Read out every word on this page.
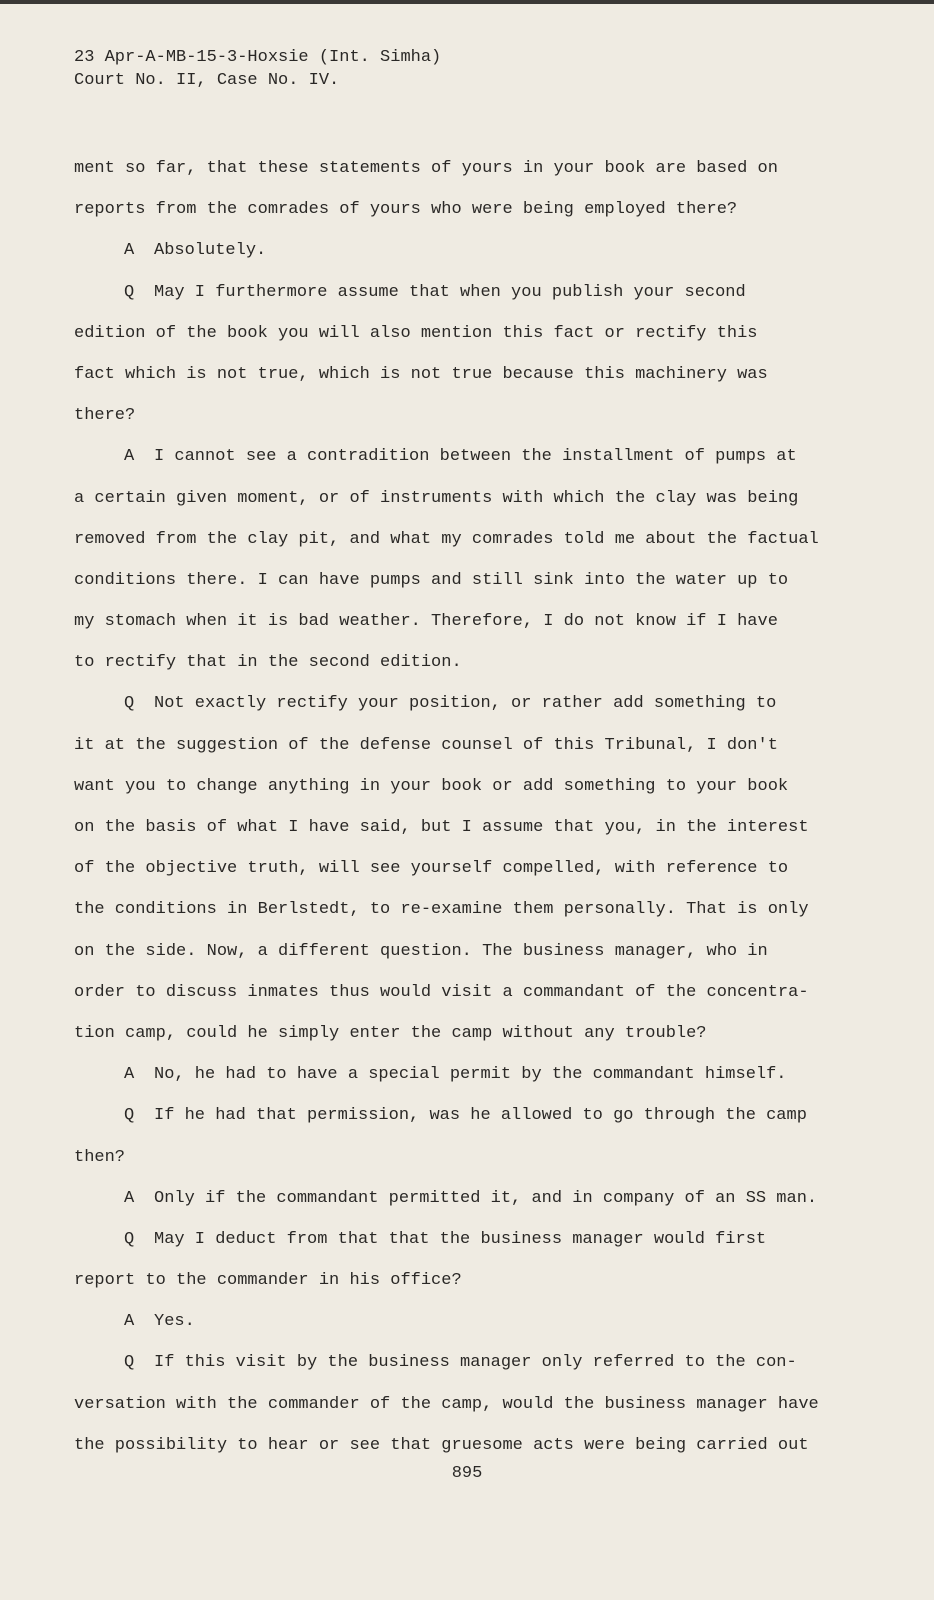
23 Apr-A-MB-15-3-Hoxsie (Int. Simha)
Court No. II, Case No. IV.
ment so far, that these statements of yours in your book are based on
reports from the comrades of yours who were being employed there?
A Absolutely.
Q May I furthermore assume that when you publish your second
edition of the book you will also mention this fact or rectify this
fact which is not true, which is not true because this machinery was
there?
A I cannot see a contradition between the installment of pumps at
a certain given moment, or of instruments with which the clay was being
removed from the clay pit, and what my comrades told me about the factual
conditions there. I can have pumps and still sink into the water up to
my stomach when it is bad weather. Therefore, I do not know if I have
to rectify that in the second edition.
Q Not exactly rectify your position, or rather add something to
it at the suggestion of the defense counsel of this Tribunal, I don't
want you to change anything in your book or add something to your book
on the basis of what I have said, but I assume that you, in the interest
of the objective truth, will see yourself compelled, with reference to
the conditions in Berlstedt, to re-examine them personally. That is only
on the side. Now, a different question. The business manager, who in
order to discuss inmates thus would visit a commandant of the concentra-
tion camp, could he simply enter the camp without any trouble?
A No, he had to have a special permit by the commandant himself.
Q If he had that permission, was he allowed to go through the camp
then?
A Only if the commandant permitted it, and in company of an SS man.
Q May I deduct from that that the business manager would first
report to the commander in his office?
A Yes.
Q If this visit by the business manager only referred to the con-
versation with the commander of the camp, would the business manager have
the possibility to hear or see that gruesome acts were being carried out
895
